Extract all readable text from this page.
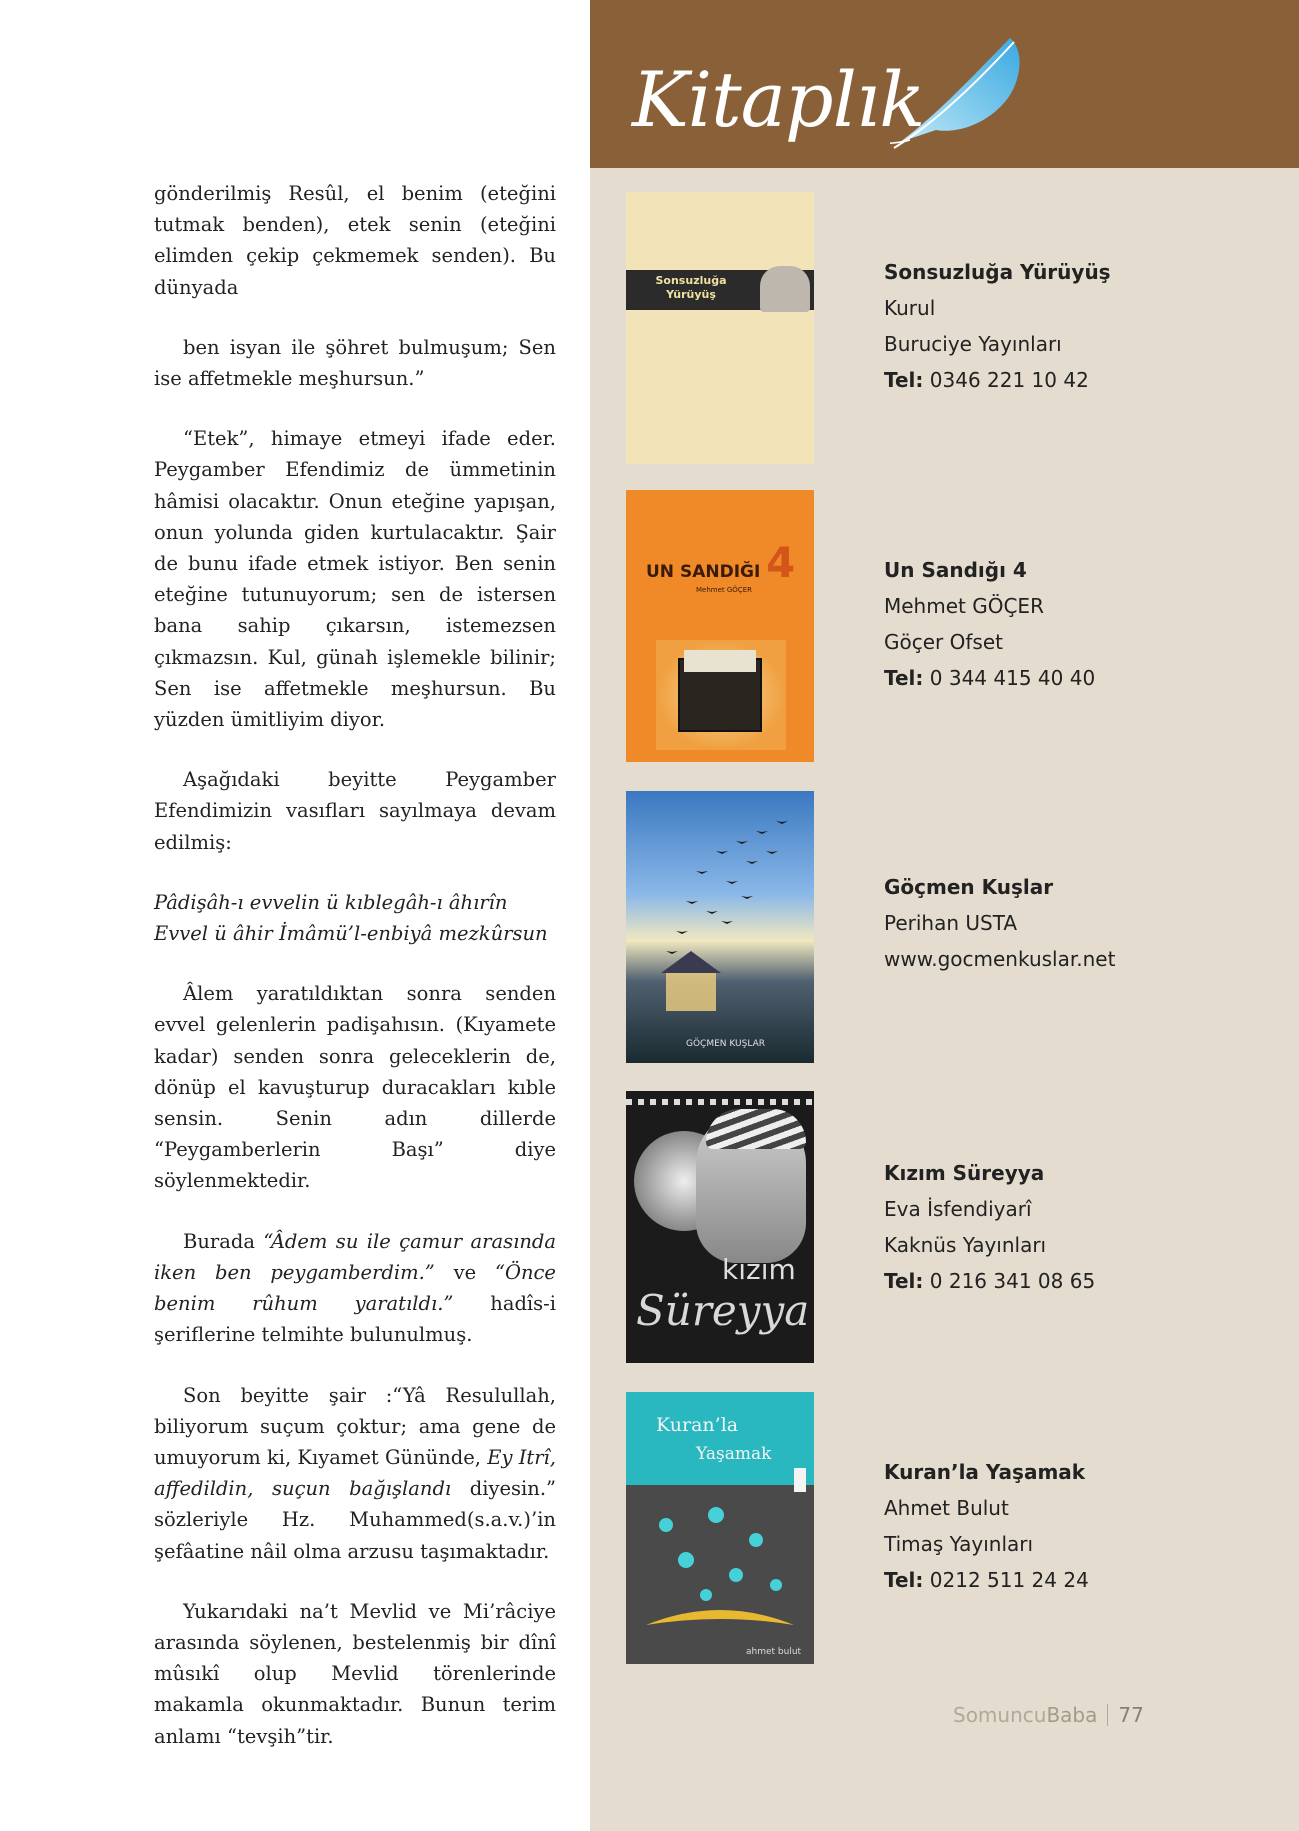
gönderilmiş Resûl, el benim (eteğini tutmak benden), etek senin (eteğini elimden çekip çekmemek senden). Bu dünyada

ben isyan ile şöhret bulmuşum; Sen ise affetmekle meşhursun.”

“Etek”, himaye etmeyi ifade eder. Peygamber Efendimiz de ümmetinin hâmisi olacaktır. Onun eteğine yapışan, onun yolunda giden kurtulacaktır. Şair de bunu ifade etmek istiyor. Ben senin eteğine tutunuyorum; sen de istersen bana sahip çıkarsın, istemezsen çıkmazsın. Kul, günah işlemekle bilinir; Sen ise affetmekle meşhursun. Bu yüzden ümitliyim diyor.

Aşağıdaki beyitte Peygamber Efendimizin vasıfları sayılmaya devam edilmiş:

Pâdişâh-ı evvelin ü kıblegâh-ı âhırîn
Evvel ü âhir İmâmü’l-enbiyâ mezkûrsun

Âlem yaratıldıktan sonra senden evvel gelenlerin padişahısın. (Kıyamete kadar) senden sonra geleceklerin de, dönüp el kavuşturup duracakları kıble sensin. Senin adın dillerde “Peygamberlerin Başı” diye söylenmektedir.

Burada “Âdem su ile çamur arasında iken ben peygamberdim.” ve “Önce benim rûhum yaratıldı.” hadîs-i şeriflerine telmihte bulunulmuş.

Son beyitte şair :“Yâ Resulullah, biliyorum suçum çoktur; ama gene de umuyorum ki, Kıyamet Gününde, Ey Itrî, affedildin, suçun bağışlandı diyesin.” sözleriyle Hz. Muhammed(s.a.v.)’in şefâatine nâil olma arzusu taşımaktadır.

Yukarıdaki na’t Mevlid ve Mi’râciye arasında söylenen, bestelenmiş bir dînî mûsıkî olup Mevlid törenlerinde makamla okunmaktadır. Bunun terim anlamı “tevşih”tir.

Kitaplık
Sonsuzluğa Yürüyüş
Sonsuzluğa Yürüyüş
Kurul
Buruciye Yayınları
Tel: 0346 221 10 42
UN SANDIĞI 4
Mehmet GÖÇER
Un Sandığı 4
Mehmet GÖÇER
Göçer Ofset
Tel: 0 344 415 40 40
GÖÇMEN KUŞLAR
Göçmen Kuşlar
Perihan USTA
www.gocmenkuslar.net
kızım
Süreyya
Kızım Süreyya
Eva İsfendiyarî
Kaknüs Yayınları
Tel: 0 216 341 08 65
Kuran’la
Yaşamak
ahmet bulut
Kuran’la Yaşamak
Ahmet Bulut
Timaş Yayınları
Tel: 0212 511 24 24
SomuncuBaba 77
